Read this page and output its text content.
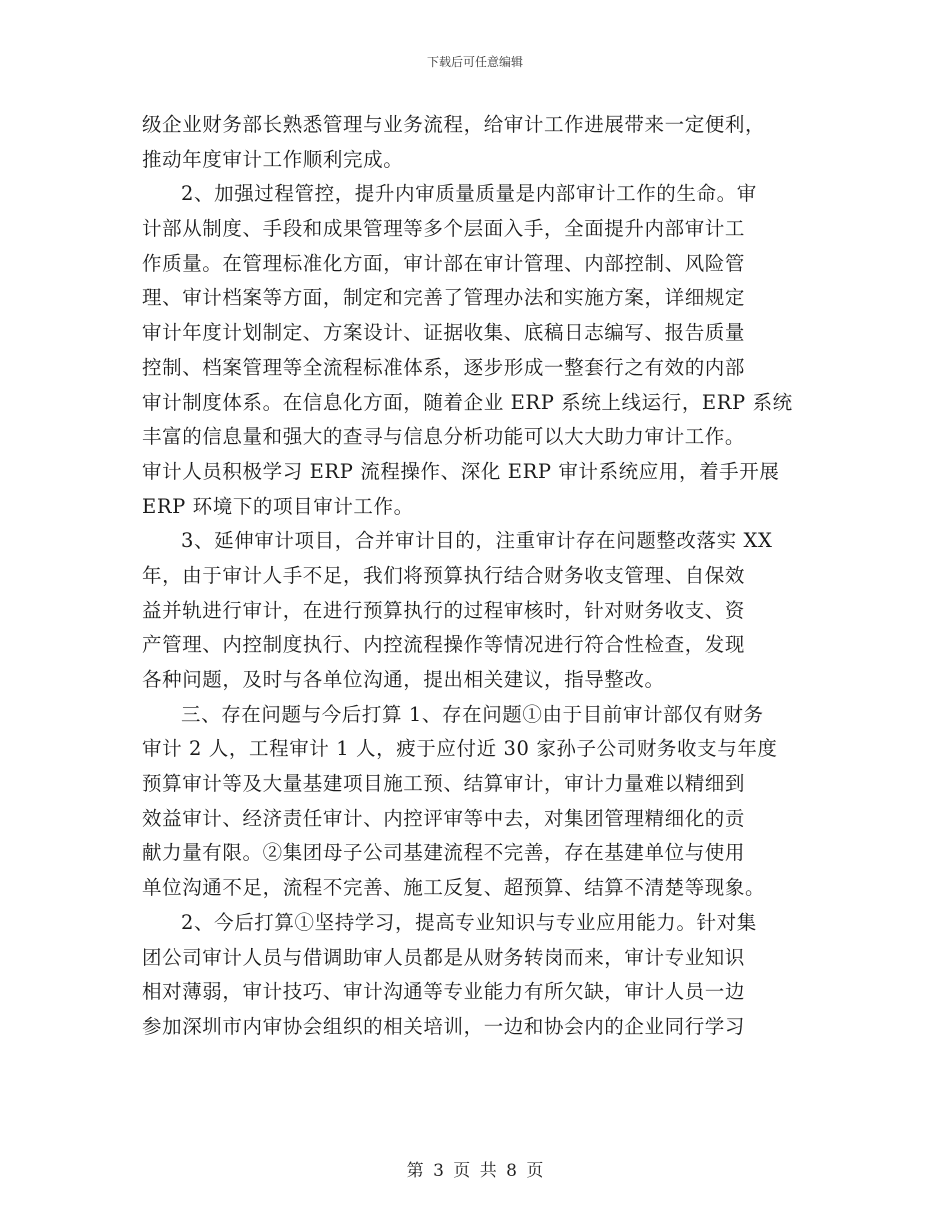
下载后可任意编辑
级企业财务部长熟悉管理与业务流程，给审计工作进展带来一定便利，
推动年度审计工作顺利完成。
2、加强过程管控，提升内审质量质量是内部审计工作的生命。审
计部从制度、手段和成果管理等多个层面入手，全面提升内部审计工
作质量。在管理标准化方面，审计部在审计管理、内部控制、风险管
理、审计档案等方面，制定和完善了管理办法和实施方案，详细规定
审计年度计划制定、方案设计、证据收集、底稿日志编写、报告质量
控制、档案管理等全流程标准体系，逐步形成一整套行之有效的内部
审计制度体系。在信息化方面，随着企业 ERP 系统上线运行，ERP 系统
丰富的信息量和强大的查寻与信息分析功能可以大大助力审计工作。
审计人员积极学习 ERP 流程操作、深化 ERP 审计系统应用，着手开展
ERP 环境下的项目审计工作。
3、延伸审计项目，合并审计目的，注重审计存在问题整改落实 XX
年，由于审计人手不足，我们将预算执行结合财务收支管理、自保效
益并轨进行审计，在进行预算执行的过程审核时，针对财务收支、资
产管理、内控制度执行、内控流程操作等情况进行符合性检查，发现
各种问题，及时与各单位沟通，提出相关建议，指导整改。
三、存在问题与今后打算 1、存在问题①由于目前审计部仅有财务
审计 2 人，工程审计 1 人，疲于应付近 30 家孙子公司财务收支与年度
预算审计等及大量基建项目施工预、结算审计，审计力量难以精细到
效益审计、经济责任审计、内控评审等中去，对集团管理精细化的贡
献力量有限。②集团母子公司基建流程不完善，存在基建单位与使用
单位沟通不足，流程不完善、施工反复、超预算、结算不清楚等现象。
2、今后打算①坚持学习，提高专业知识与专业应用能力。针对集
团公司审计人员与借调助审人员都是从财务转岗而来，审计专业知识
相对薄弱，审计技巧、审计沟通等专业能力有所欠缺，审计人员一边
参加深圳市内审协会组织的相关培训，一边和协会内的企业同行学习
第 3 页 共 8 页
